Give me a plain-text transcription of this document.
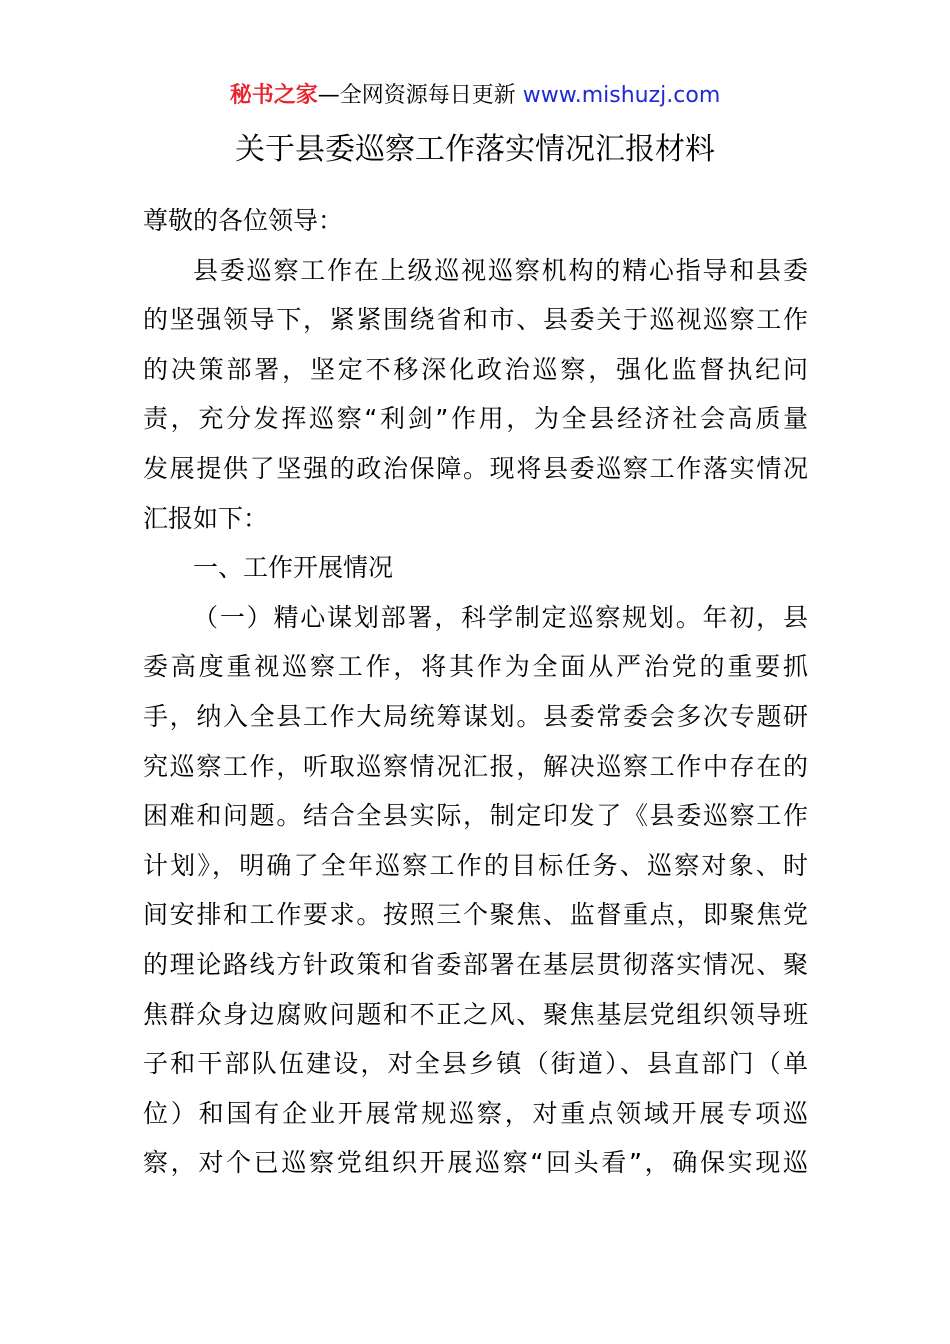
秘书之家—全网资源每日更新 www.mishuzj.com
关于县委巡察工作落实情况汇报材料
尊敬的各位领导：
县委巡察工作在上级巡视巡察机构的精心指导和县委
的坚强领导下，紧紧围绕省和市、县委关于巡视巡察工作
的决策部署，坚定不移深化政治巡察，强化监督执纪问
责，充分发挥巡察“利剑”作用，为全县经济社会高质量
发展提供了坚强的政治保障。现将县委巡察工作落实情况
汇报如下：
一、工作开展情况
（一）精心谋划部署，科学制定巡察规划。年初，县
委高度重视巡察工作，将其作为全面从严治党的重要抓
手，纳入全县工作大局统筹谋划。县委常委会多次专题研
究巡察工作，听取巡察情况汇报，解决巡察工作中存在的
困难和问题。结合全县实际，制定印发了《县委巡察工作
计划》，明确了全年巡察工作的目标任务、巡察对象、时
间安排和工作要求。按照三个聚焦、监督重点，即聚焦党
的理论路线方针政策和省委部署在基层贯彻落实情况、聚
焦群众身边腐败问题和不正之风、聚焦基层党组织领导班
子和干部队伍建设，对全县乡镇（街道）、县直部门（单
位）和国有企业开展常规巡察，对重点领域开展专项巡
察，对个已巡察党组织开展巡察“回头看”，确保实现巡
